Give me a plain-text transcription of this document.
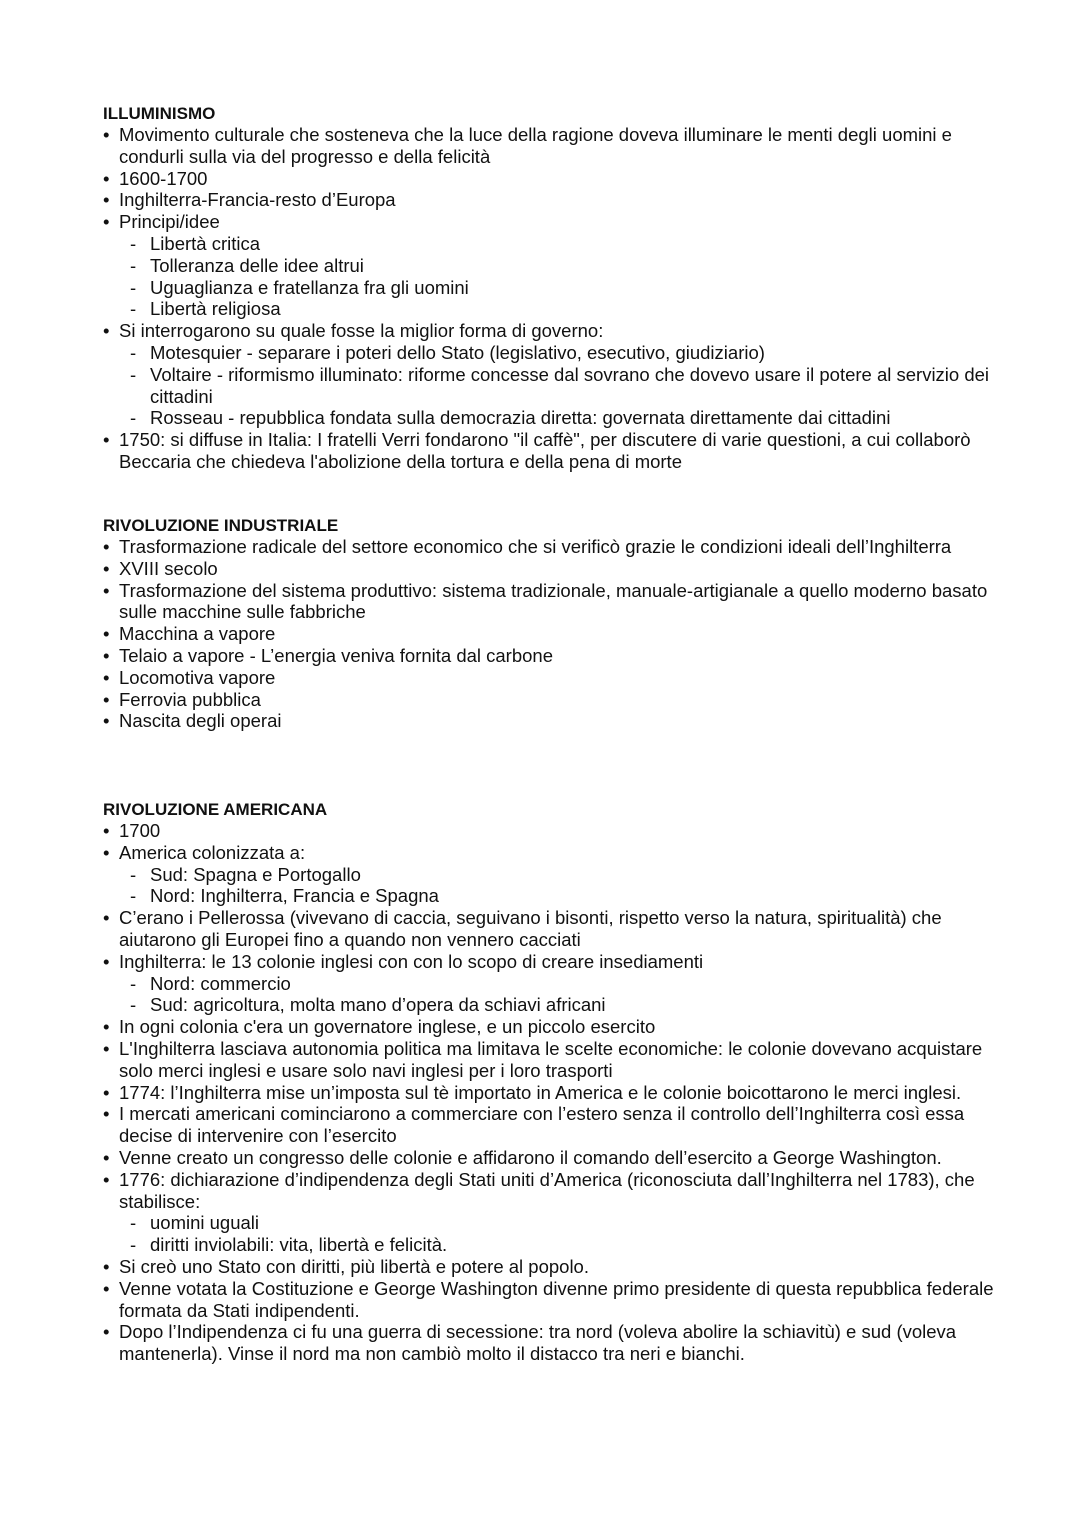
ILLUMINISMO
• Movimento culturale che sosteneva che la luce della ragione doveva illuminare le menti degli uomini e condurli sulla via del progresso e della felicità
• 1600-1700
• Inghilterra-Francia-resto d’Europa
• Principi/idee
- Libertà critica
- Tolleranza delle idee altrui
- Uguaglianza e fratellanza fra gli uomini
- Libertà religiosa
• Si interrogarono su quale fosse la miglior forma di governo:
- Motesquier - separare i poteri dello Stato (legislativo, esecutivo, giudiziario)
- Voltaire - riformismo illuminato: riforme concesse dal sovrano che dovevo usare il potere al servizio dei cittadini
- Rosseau - repubblica fondata sulla democrazia diretta: governata direttamente dai cittadini
• 1750: si diffuse in Italia: I fratelli Verri fondarono "il caffè", per discutere di varie questioni, a cui collaborò Beccaria che chiedeva l'abolizione della tortura e della pena di morte
RIVOLUZIONE INDUSTRIALE
• Trasformazione radicale del settore economico che si verificò grazie le condizioni ideali dell’Inghilterra
• XVIII secolo
• Trasformazione del sistema produttivo: sistema tradizionale, manuale-artigianale a quello moderno basato sulle macchine sulle fabbriche
• Macchina a vapore
• Telaio a vapore - L’energia veniva fornita dal carbone
• Locomotiva vapore
• Ferrovia pubblica
• Nascita degli operai
RIVOLUZIONE AMERICANA
• 1700
• America colonizzata a:
- Sud: Spagna e Portogallo
- Nord: Inghilterra, Francia e Spagna
• C’erano i Pellerossa (vivevano di caccia, seguivano i bisonti, rispetto verso la natura, spiritualità) che aiutarono gli Europei fino a quando non vennero cacciati
• Inghilterra: le 13 colonie inglesi con con lo scopo di creare insediamenti
- Nord: commercio
- Sud: agricoltura, molta mano d’opera da schiavi africani
• In ogni colonia c'era un governatore inglese, e un piccolo esercito
• L'Inghilterra lasciava autonomia politica ma limitava le scelte economiche: le colonie dovevano acquistare solo merci inglesi e usare solo navi inglesi per i loro trasporti
• 1774: l’Inghilterra mise un’imposta sul tè importato in America e le colonie boicottarono le merci inglesi.
• I mercati americani cominciarono a commerciare con l’estero senza il controllo dell’Inghilterra così essa decise di intervenire con l’esercito
• Venne creato un congresso delle colonie e affidarono il comando dell’esercito a George Washington.
• 1776: dichiarazione d’indipendenza degli Stati uniti d’America (riconosciuta dall’Inghilterra nel 1783), che stabilisce:
- uomini uguali
- diritti inviolabili: vita, libertà e felicità.
• Si creò uno Stato con diritti, più libertà e potere al popolo.
• Venne votata la Costituzione e George Washington divenne primo presidente di questa repubblica federale formata da Stati indipendenti.
• Dopo l’Indipendenza ci fu una guerra di secessione: tra nord (voleva abolire la schiavitù) e sud (voleva mantenerla). Vinse il nord ma non cambiò molto il distacco tra neri e bianchi.
